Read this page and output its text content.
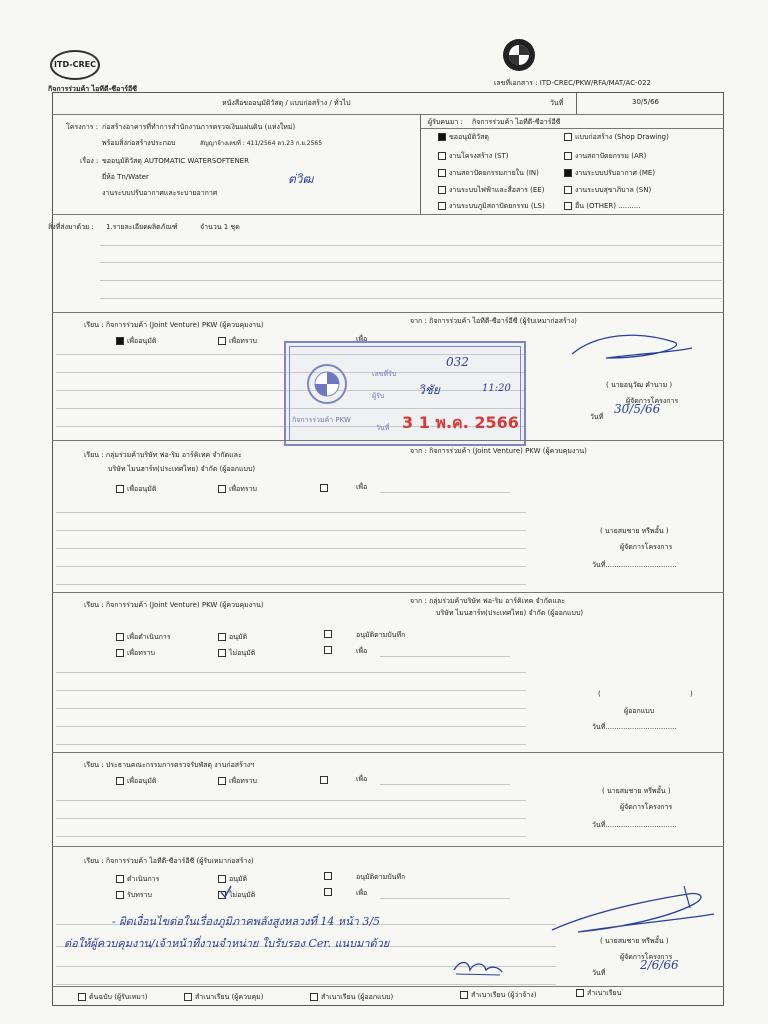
ITD-CREC
กิจการร่วมค้า ไอทีดี-ซีอาร์อีซี
เลขที่เอกสาร : ITD-CREC/PKW/RFA/MAT/AC-022
หนังสือขออนุมัติวัสดุ / แบบก่อสร้าง / ทั่วไป	วันที่	30/5/66
โครงการ : ก่อสร้างอาคารที่ทำการสำนักงานการตรวจเงินแผ่นดิน (แห่งใหม่)
พร้อมสิ่งก่อสร้างประกอบ	สัญญาจ้างเลขที่ : 411/2564 ลว.23 ก.ย.2565
ผู้รับคนมา : กิจการร่วมค้า ไอทีดี-ซีอาร์อีซี
เรื่อง : ขออนุมัติวัสดุ AUTOMATIC WATERSOFTENER
ยี่ห้อ Tn/Water
งานระบบปรับอากาศและระบายอากาศ
ต่วิฒ
ขออนุมัติวัสดุ	แบบก่อสร้าง (Shop Drawing)
งานโครงสร้าง (ST)	งานสถาปัตยกรรม (AR)
งานสถาปัตยกรรมภายใน (IN)	งานระบบปรับอากาศ (ME)
งานระบบไฟฟ้าและสื่อสาร (EE)	งานระบบสุขาภิบาล (SN)
งานระบบภูมิสถาปัตยกรรม (LS)	อื่น (OTHER) ..........
สิ่งที่ส่งมาด้วย : 1.รายละเอียดผลิตภัณฑ์	จำนวน 1 ชุด
เรียน : กิจการร่วมค้า (Joint Venture) PKW (ผู้ควบคุมงาน)	จาก : กิจการร่วมค้า ไอทีดี-ซีอาร์อีซี (ผู้รับเหมาก่อสร้าง)
เพื่ออนุมัติ	เพื่อทราบ	เพื่อ
( นายอนุวัฒ คำนาม )
ผู้จัดการโครงการ
วันที่
30/5/66
เลขที่รับ
032
ผู้รับ	วิชัย	11:20
กิจการร่วมค้า PKW
วันที่ 3 1 พ.ค. 2566
เรียน : กลุ่มร่วมค้าบริษัท ฟอ-ริม อาร์คิเทค จำกัดและ
บริษัท ไมนฮาร์ท(ประเทศไทย) จำกัด (ผู้ออกแบบ)
จาก : กิจการร่วมค้า (Joint Venture) PKW (ผู้ควบคุมงาน)
เพื่ออนุมัติ	เพื่อทราบ	เพื่อ
( นายสมชาย หรีพอั้น )
ผู้จัดการโครงการ
วันที่................................
เรียน : กิจการร่วมค้า (Joint Venture) PKW (ผู้ควบคุมงาน)	จาก : กลุ่มร่วมค้าบริษัท ฟอ-ริม อาร์คิเทค จำกัดและ
บริษัท ไมนฮาร์ท(ประเทศไทย) จำกัด (ผู้ออกแบบ)
เพื่อดำเนินการ	อนุมัติ	อนุมัติตามบันทึก
เพื่อทราบ	ไม่อนุมัติ	เพื่อ
(	)
ผู้ออกแบบ
วันที่................................
เรียน : ประธานคณะกรรมการตรวจรับพัสดุ งานก่อสร้างฯ
เพื่ออนุมัติ	เพื่อทราบ	เพื่อ
( นายสมชาย หรีพอั้น )
ผู้จัดการโครงการ
วันที่................................
เรียน : กิจการร่วมค้า ไอทีดี-ซีอาร์อีซี (ผู้รับเหมาก่อสร้าง)
ดำเนินการ	อนุมัติ	อนุมัติตามบันทึก
รับทราบ	ไม่อนุมัติ	เพื่อ
- ผิดเงื่อนไขต่อในเรื่องภูมิภาคพลังสูงหลวงที่ 14 หน้า 3/5
ต่อให้ผู้ควบคุมงาน/เจ้าหน้าที่งานจำหน่าย ใบรับรอง Cer. แนบมาด้วย	( นายสมชาย หรีพอั้น )
ผู้จัดการโครงการ
วันที่
2/6/66
ต้นฉบับ (ผู้รับเหมา)	สำเนาเรียน (ผู้ควบคุม)	สำเนาเรียน (ผู้ออกแบบ)	สำเนาเรียน (ผู้ว่าจ้าง)	สำเนาเรียน
